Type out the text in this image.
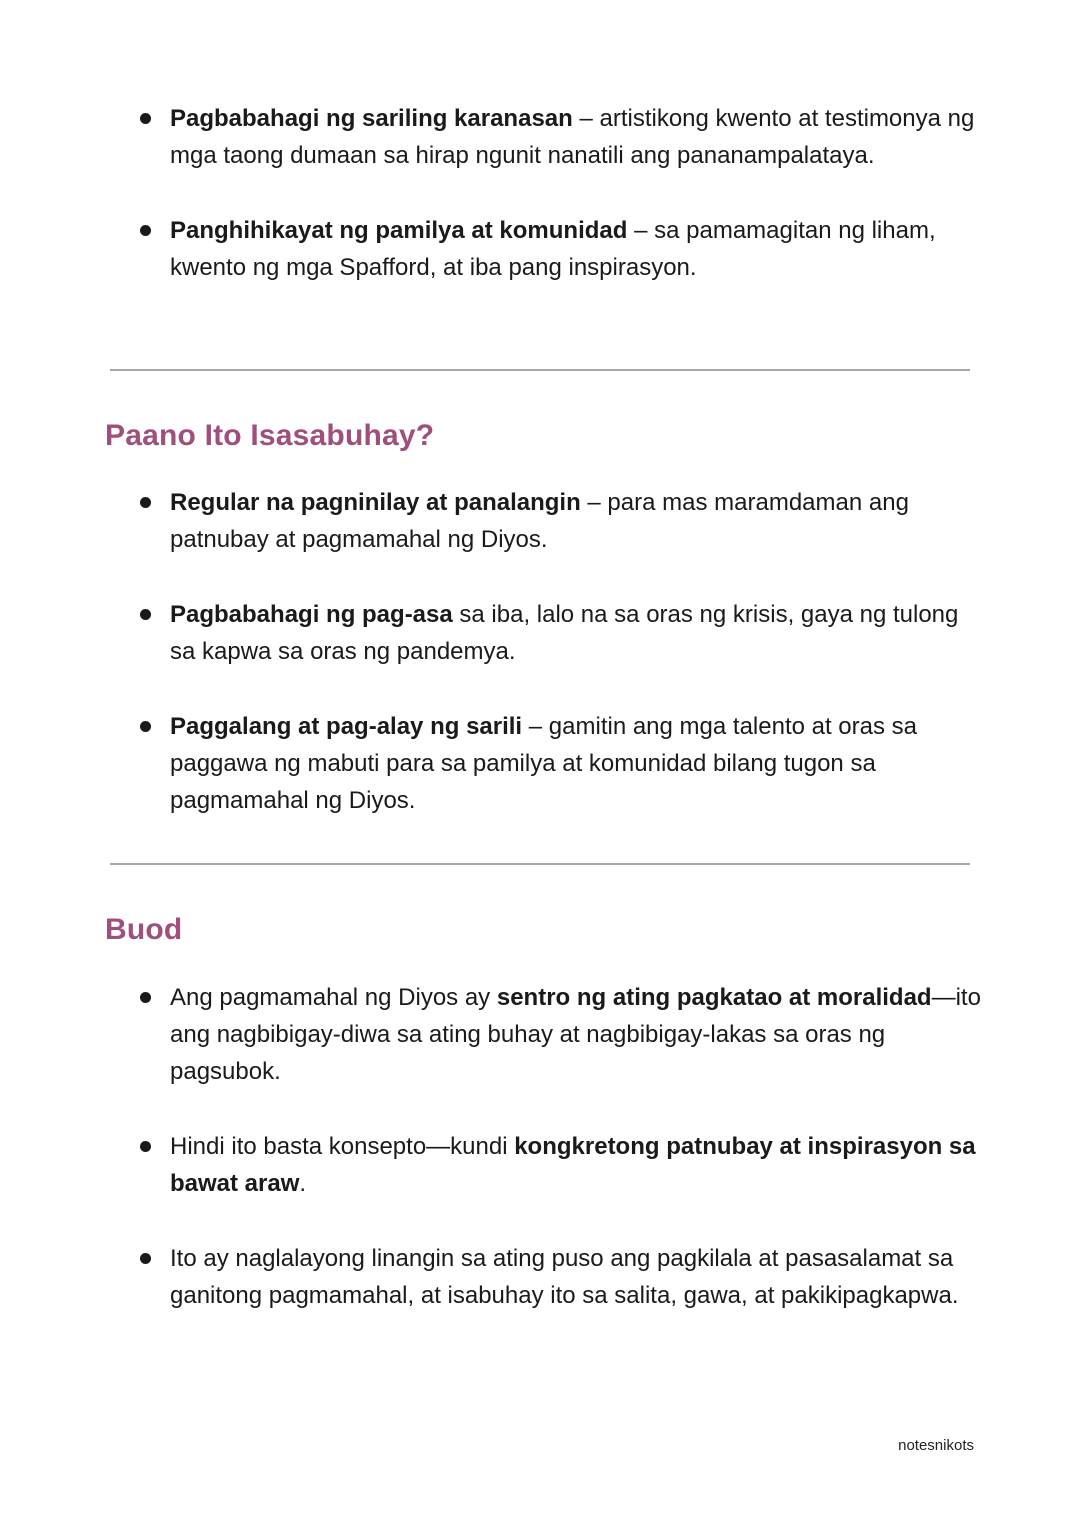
Pagbabahagi ng sariling karanasan – artistikong kwento at testimonya ng mga taong dumaan sa hirap ngunit nanatili ang pananampalataya.
Panghihikayat ng pamilya at komunidad – sa pamamagitan ng liham, kwento ng mga Spafford, at iba pang inspirasyon.
Paano Ito Isasabuhay?
Regular na pagninilay at panalangin – para mas maramdaman ang patnubay at pagmamahal ng Diyos.
Pagbabahagi ng pag-asa sa iba, lalo na sa oras ng krisis, gaya ng tulong sa kapwa sa oras ng pandemya.
Paggalang at pag-alay ng sarili – gamitin ang mga talento at oras sa paggawa ng mabuti para sa pamilya at komunidad bilang tugon sa pagmamahal ng Diyos.
Buod
Ang pagmamahal ng Diyos ay sentro ng ating pagkatao at moralidad—ito ang nagbibigay-diwa sa ating buhay at nagbibigay-lakas sa oras ng pagsubok.
Hindi ito basta konsepto—kundi kongkretong patnubay at inspirasyon sa bawat araw.
Ito ay naglalayong linangin sa ating puso ang pagkilala at pasasalamat sa ganitong pagmamahal, at isabuhay ito sa salita, gawa, at pakikipagkapwa.
notesnikots
